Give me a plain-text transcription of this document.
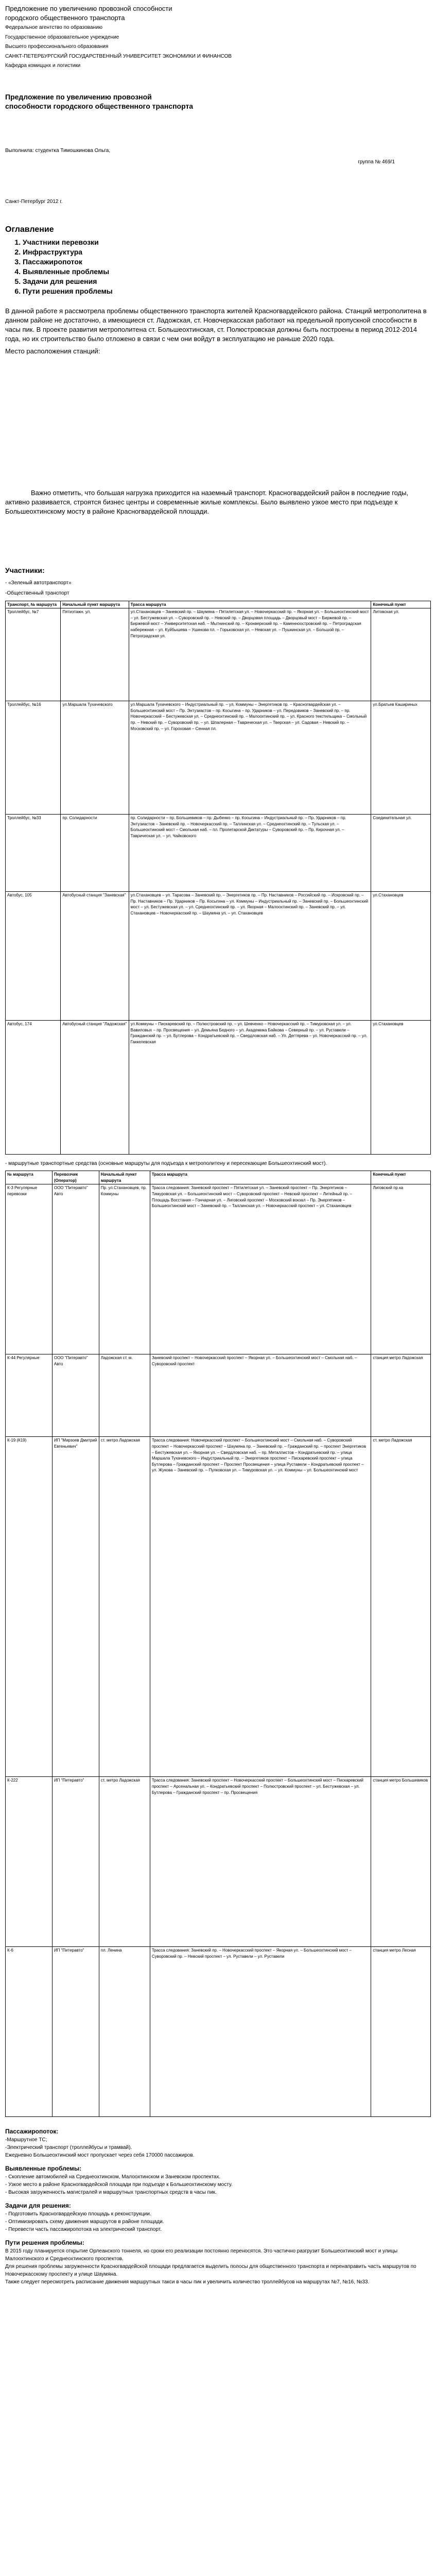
Предложение по увеличению провозной способности

городского общественного транспорта

Федеральное агентство по образованию

Государственное образовательное учреждение

Высшего профессионального образования

САНКТ-ПЕТЕРБУРГСКИЙ ГОСУДАРСТВЕННЫЙ УНИВЕРСИТЕТ ЭКОНОМИКИ И ФИНАНСОВ

Кафедра комиццнх и логистики

Предложение по увеличению провозной

способности городского общественного транспорта

Выполнила: студентка Тимошкинова Ольга,

группа № 469/1

Санкт-Петербург 2012 г.

Оглавление
1. Участники перевозки
2. Инфраструктура
3. Пассажиропоток
4. Выявленные проблемы
5. Задачи для решения
6. Пути решения проблемы

В данной работе я рассмотрела проблемы общественного транспорта жителей Красногвардейского района. Станций метрополитена в данном районе не достаточно, а имеющиеся ст. Ладожская, ст. Новочеркасская работают на предельной пропускной способности в часы пик. В проекте развития метрополитена ст. Большеохтинская, ст. Полюстровская должны быть построены в период 2012-2014 года, но их строительство было отложено в связи с чем они войдут в эксплуатацию не раньше 2020 года.

Место расположения станций:

Важно отметить, что большая нагрузка приходится на наземный транспорт. Красногвардейский район в последние годы, активно развивается, строятся бизнес центры и современные жилые комплексы. Было выявлено узкое место при подъезде к Большеохтинскому мосту в районе Красногвардейской площади.

Участники:

- «Зеленый автотранспорт»
-Общественный транспорт
Транспорт, № маршрута	Начальный пункт маршрута	Трасса маршрута	Конечный пункт
Троллейбус, №7	Пятиэтажн. ул.	ул.Стахановцев – Заневский пр. – Шаумяна – Пятилетская ул. – Новочеркасский пр. – Якорная ул. – Большеохтинский мост – ул. Бестужевская ул. – Суворовский пр. – Невский пр. – Дворцовая площадь – Дворцовый мост – Биржевой пр. – Биржевой мост – Университетская наб. – Мытнинский пр. – Кронверкский пр. – Каменноостровский пр. – Петроградская набережная – ул. Куйбышева – Ушинова пл. – Горьковская ул. – Невская ул. – Пушкинская ул. – Большой пр. – Петроградская ул.	Литовская ул.
Троллейбус, №16	ул.Маршала Тухачевского	ул.Маршала Тухачевского – Индустриальный пр. – ул. Коммуны – Энергетиков пр. – Красногвардейская ул. – Большеохтинский мост – Пр. Энтузиастов – пр. Косыгина – пр. Ударников – ул. Передовиков – Заневский пр. – пр. Новочеркасский – Бестужевская ул. – Среднеохтинский пр. – Малоохтинский пр. – ул. Красного текстильщика – Смольный пр. – Невский пр. – Суворовский пр. – ул. Шпалерная – Таврическая ул. – Тверская – ул. Садовая – Невский пр. – Московский пр. – ул. Гороховая – Сенная пл.	ул.Братьев Кашириных
Троллейбус, №33	пр. Солидарности	пр. Солидарности – пр. Большевиков – пр. Дыбенко – пр. Косыгина – Индустриальный пр. – Пр. Ударников – пр. Энтузиастов – Заневский пр. – Новочеркасский пр. – Таллинская ул. – Среднеохтинский пр. – Тульская ул. – Большеохтинский мост – Смольная наб. – пл. Пролетарской Диктатуры – Суворовский пр. – Пр. Кирочная ул. – Таврическая ул. – ул. Чайковского	Соединительная ул.
Автобус, 105	Автобусный станция "Заневская"	ул.Стахановцев – ул. Тарасова – Заневский пр. – Энергетиков пр. – Пр. Наставников – Российский пр. – Искровский пр. – Пр. Наставников – Пр. Ударников – Пр. Косыгина – ул. Коммуны – Индустриальный пр. – Заневский пр. – Большеохтинский мост – ул. Бестужевская ул. – ул. Среднеохтинский пр. – ул. Якорная – Малоохтинский пр. – Заневский пр. – ул. Стахановцев – Новочеркасский пр. – Шаумяна ул. – ул. Стахановцев	ул.Стахановцев
Автобус, 174	Автобусный станция "Ладожская"	ул.Коммуны – Пискаревский пр. – Полюстровский пр. – ул. Шевченко – Новочеркасский пр. – Тимуровская ул. – ул. Вавиловых – пр. Просвещения – ул. Демьяна Бедного – ул. Академика Байкова – Северный пр. – ул. Руставели – Гражданский пр. – ул. Бутлерова – Кондратьевский пр. – Свердловская наб. – Ул. Дегтярева – ул. Новочеркасский пр. – ул. Гаккелевская	ул.Стахановцев

- маршрутные транспортные средства (основные маршруты для подъезда к метрополитену и пересекающие Большеохтинский мост).

№ маршрута	Перевозчик (Оператор)	Начальный пункт маршрута	Трасса маршрута	Конечный пункт
К-3 Регулярные перевозки	ООО "Питеравто" Авто	Пр. ул.Стахановцев, пр. Коммуны	Трасса следования: Заневский проспект – Пятилетская ул. – Заневский проспект – Пр. Энергетиков – Тимуровская ул. – Большеохтинский мост – Суворовский проспект – Невский проспект – Литейный пр. – Площадь Восстания – Гончарная ул. – Лиговский проспект – Московский вокзал – Пр. Энергетиков – Большеохтинский мост – Заневский пр. – Таллинская ул. – Новочеркасский проспект – ул. Стахановцев	Лиговский пр.ка
К-44 Регулярные	ООО "Питеравто" Авто	Ладожская ст. м.	Заневский проспект – Новочеркасский проспект – Якорная ул. – Большеохтинский мост – Смольная наб. – Суворовский проспект	станция метро Ладожская
К-19 (К19)	ИП "Мирзоев Дмитрий Евгеньевич"	ст. метро Ладожская	Трасса следования: Новочеркасский проспект – Большеохтинский мост – Смольная наб. – Суворовский проспект – Новочеркасский проспект – Шаумяна пр. – Заневский пр. – Гражданский пр. – проспект Энергетиков – Бестужевская ул. – Якорная ул. – Свердловская наб. – пр. Металлистов – Кондратьевский пр. – улица Маршала Тухачевского – Индустриальный пр. – Энергетиков проспект – Пискаревский проспект – улица Бутлерова – Гражданский проспект – Проспект Просвещения – улица Руставели – Кондратьевский проспект – ул. Жукова – Заневский пр. – Пулковская ул. – Тимуровская ул. – ул. Коммуны – ул. Большеохтинский мост	ст. метро Ладожская
К-222	ИП "Питеравто"	ст. метро Ладожская	Трасса следования: Заневский проспект – Новочеркасский проспект – Большеохтинский мост – Пискаревский проспект – Арсенальная ул. – Кондратьевский проспект – Полюстровский проспект – ул. Бестужевская – ул. Бутлерова – Гражданский проспект – пр. Просвещения	станция метро Большевиков
К-6	ИП "Питеравто"	пл. Ленина	Трасса следования: Заневский пр. – Новочеркасский проспект – Якорная ул. – Большеохтинский мост – Суворовский пр. – Невский проспект – ул. Руставели – ул. Руставели	станция метро Лесная

Пассажиропоток:

-Маршрутное ТС;

-Электрический транспорт (троллейбусы и трамвай).

Ежедневно Большеохтинский мост пропускает через себя 170000 пассажиров.

Выявленные проблемы:

- Скопление автомобилей на Среднеохтинском, Малоохтинском и Заневском проспектах.

- Узкое место в районе Красногвардейской площади при подъезде к Большеохтинскому мосту.

- Высокая загруженность магистралей и маршрутных транспортных средств в часы пик.

Задачи для решения:

- Подготовить Красногвардейскую площадь к реконструкции.

- Оптимизировать схему движения маршрутов в районе площади.

- Перевести часть пассажиропотока на электрический транспорт.

Пути решения проблемы:

В 2015 году планируется открытие Орлеанского тоннеля, но сроки его реализации постоянно переносятся. Это частично разгрузит Большеохтинский мост и улицы Малоохтинского и Среднеохтинского проспектов.

Для решения проблемы загруженности Красногвардейской площади предлагается выделить полосы для общественного транспорта и перенаправить часть маршрутов по Новочеркасскому проспекту и улице Шаумяна.

Также следует пересмотреть расписание движения маршрутных такси в часы пик и увеличить количество троллейбусов на маршрутах №7, №16, №33.
